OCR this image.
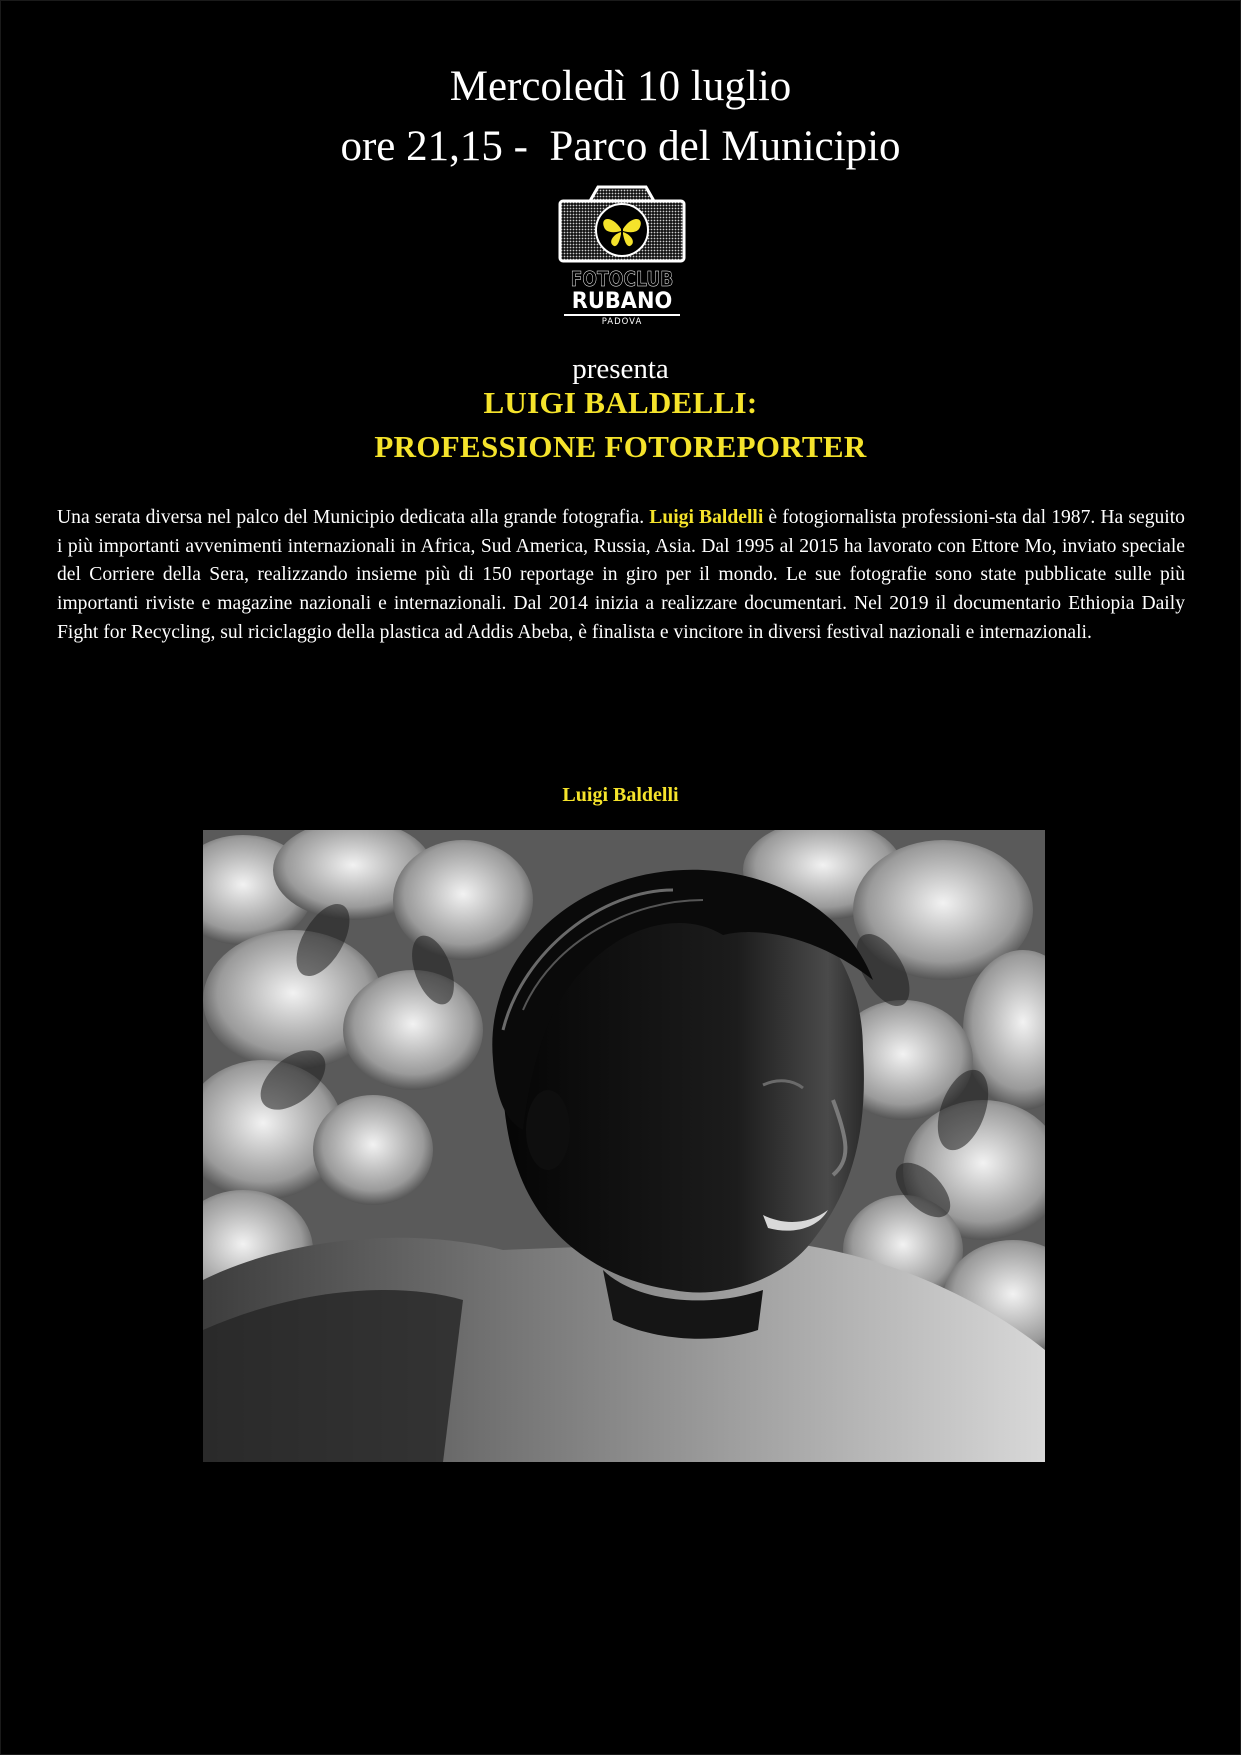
Mercoledì 10 luglio
ore 21,15 -  Parco del Municipio
FOTOCLUB
RUBANO
PADOVA
presenta
LUIGI BALDELLI:
PROFESSIONE FOTOREPORTER
Una serata diversa nel palco del Municipio dedicata alla grande fotografia. Luigi Baldelli è fotogiornalista professioni-sta dal 1987. Ha seguito i più importanti avvenimenti internazionali in Africa, Sud America, Russia, Asia. Dal 1995 al 2015 ha lavorato con Ettore Mo, inviato speciale del Corriere della Sera, realizzando insieme più di 150 reportage in giro per il mondo. Le sue fotografie sono state pubblicate sulle più importanti riviste e magazine nazionali e internazionali. Dal 2014 inizia a realizzare documentari. Nel 2019 il documentario Ethiopia Daily Fight for Recycling, sul riciclaggio della plastica ad Addis Abeba, è finalista e vincitore in diversi festival nazionali e internazionali.
Luigi Baldelli
